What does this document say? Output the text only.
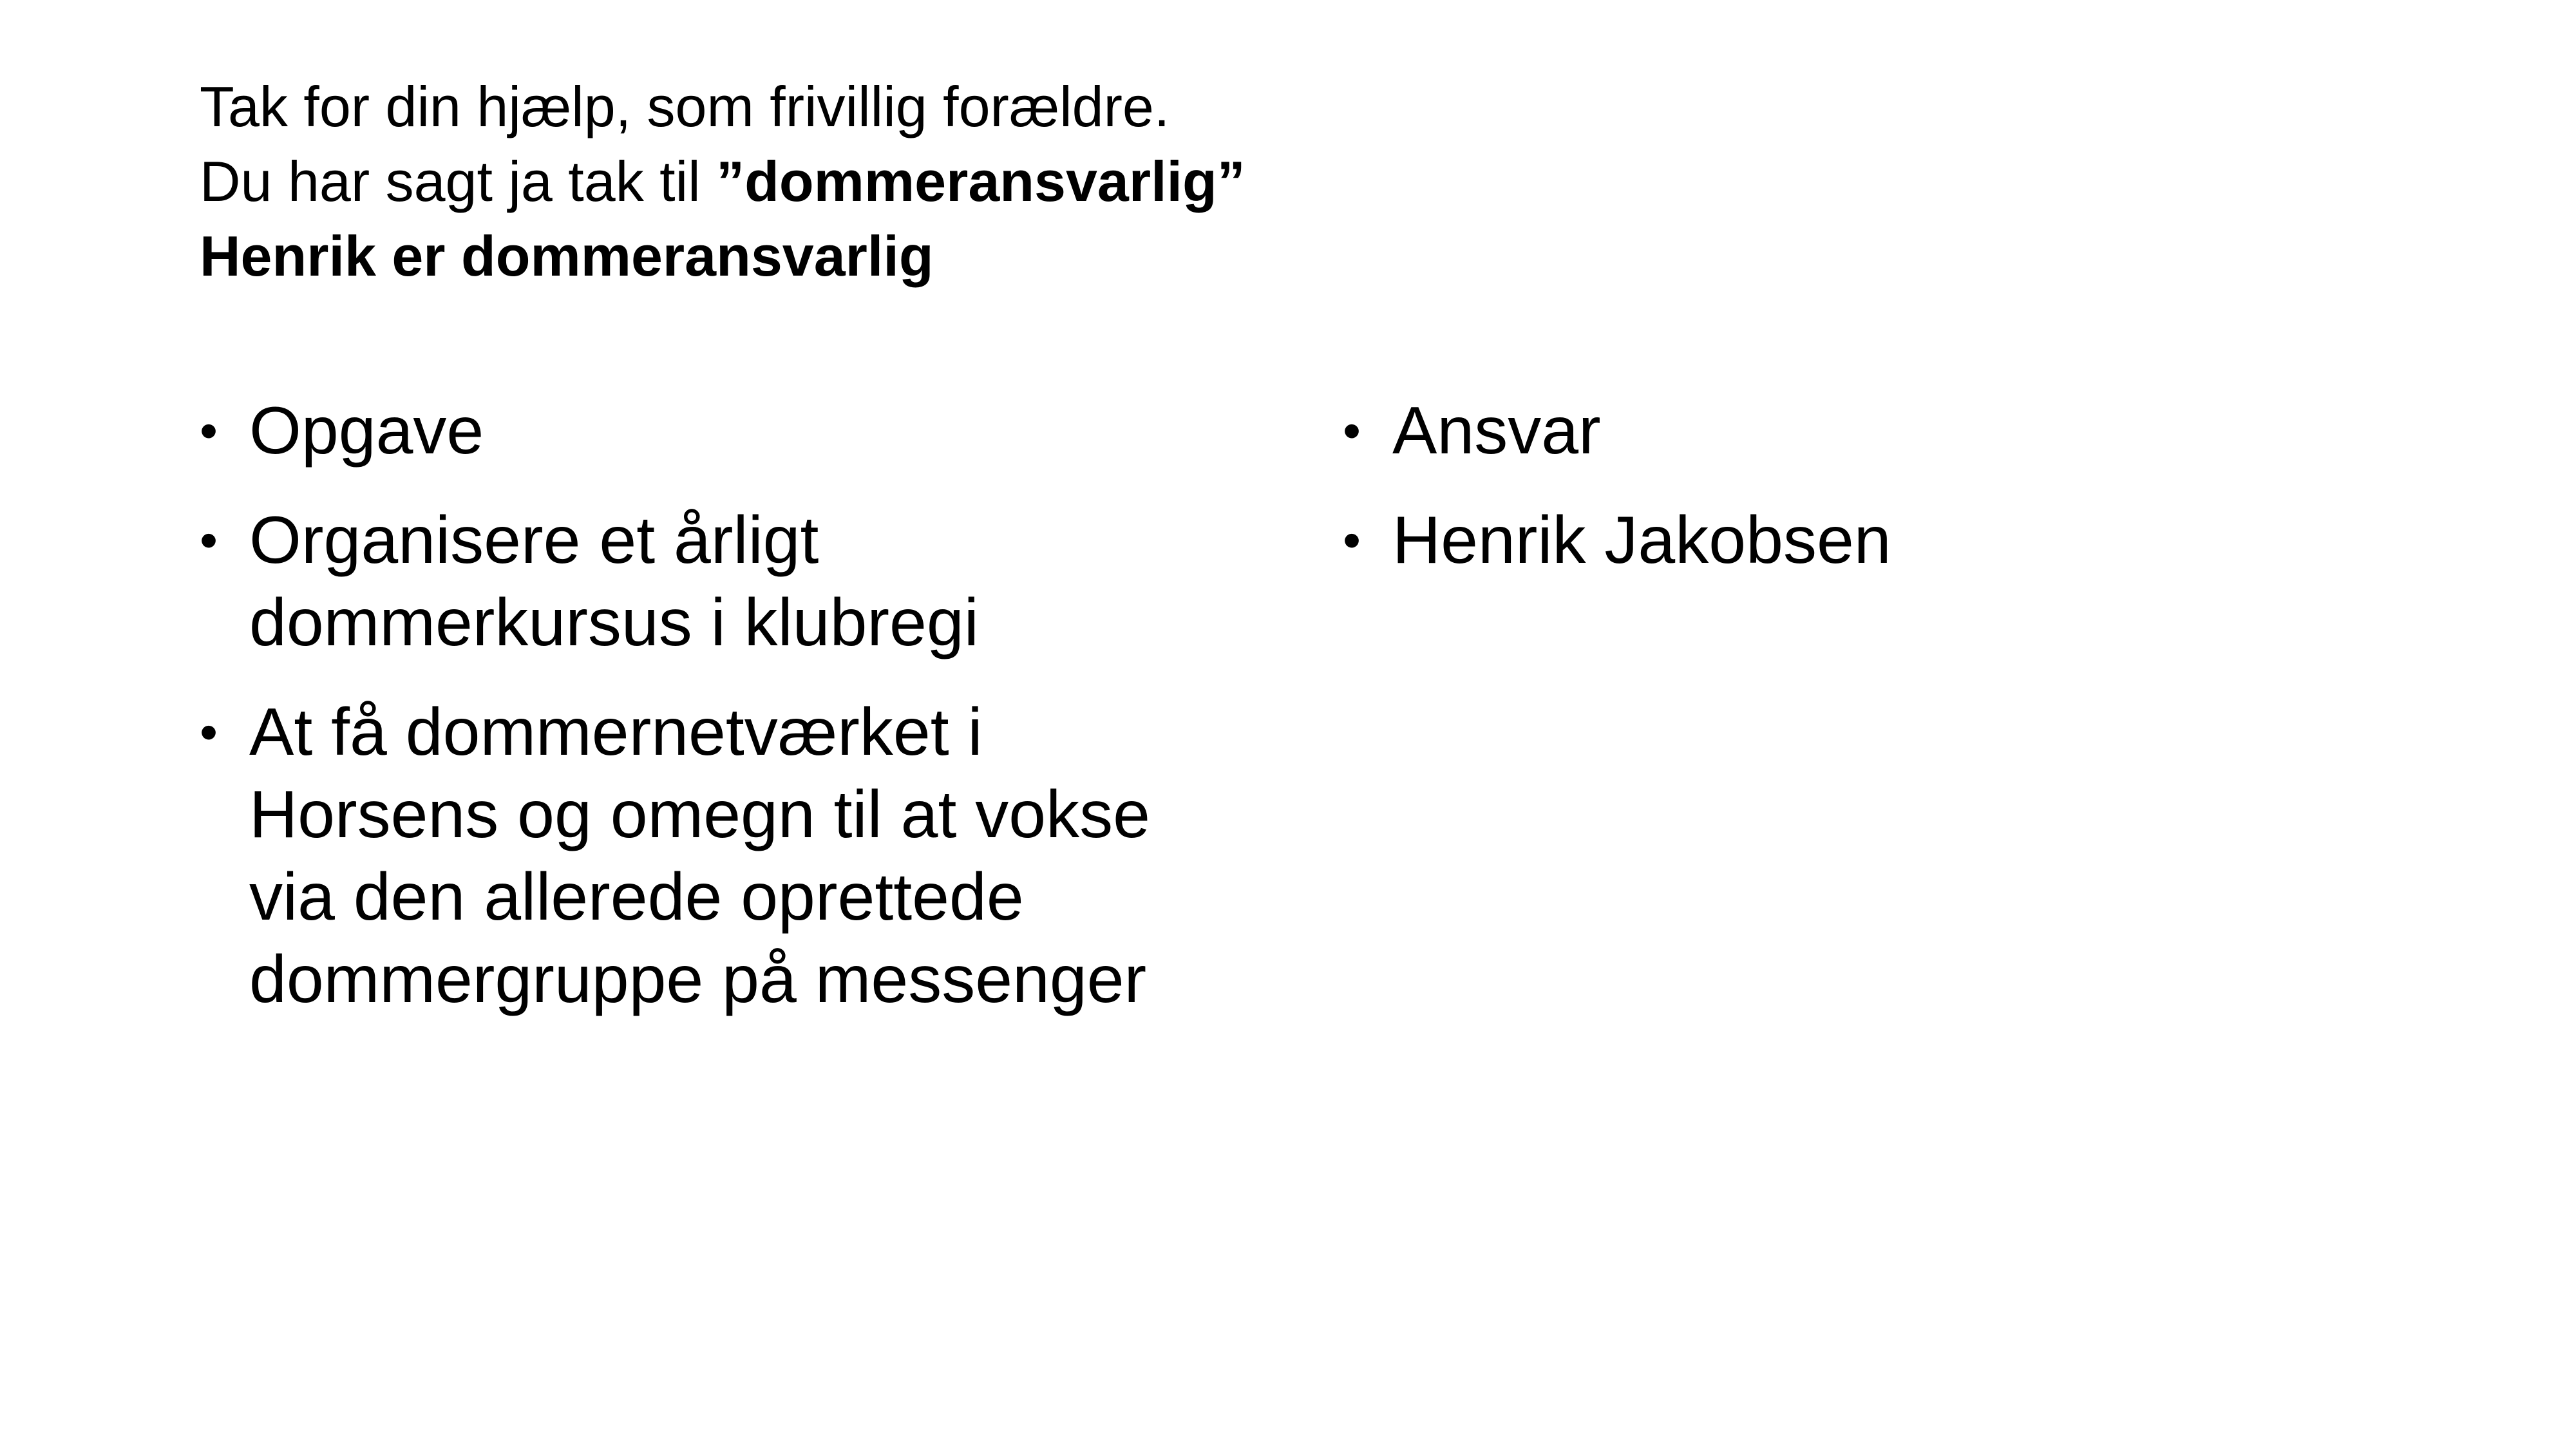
Tak for din hjælp, som frivillig forældre.
Du har sagt ja tak til ”dommeransvarlig”
Henrik er dommeransvarlig
• Opgave
• Organisere et årligt
dommerkursus i klubregi
• At få dommernetværket i
Horsens og omegn til at vokse
via den allerede oprettede
dommergruppe på messenger
• Ansvar
• Henrik Jakobsen
